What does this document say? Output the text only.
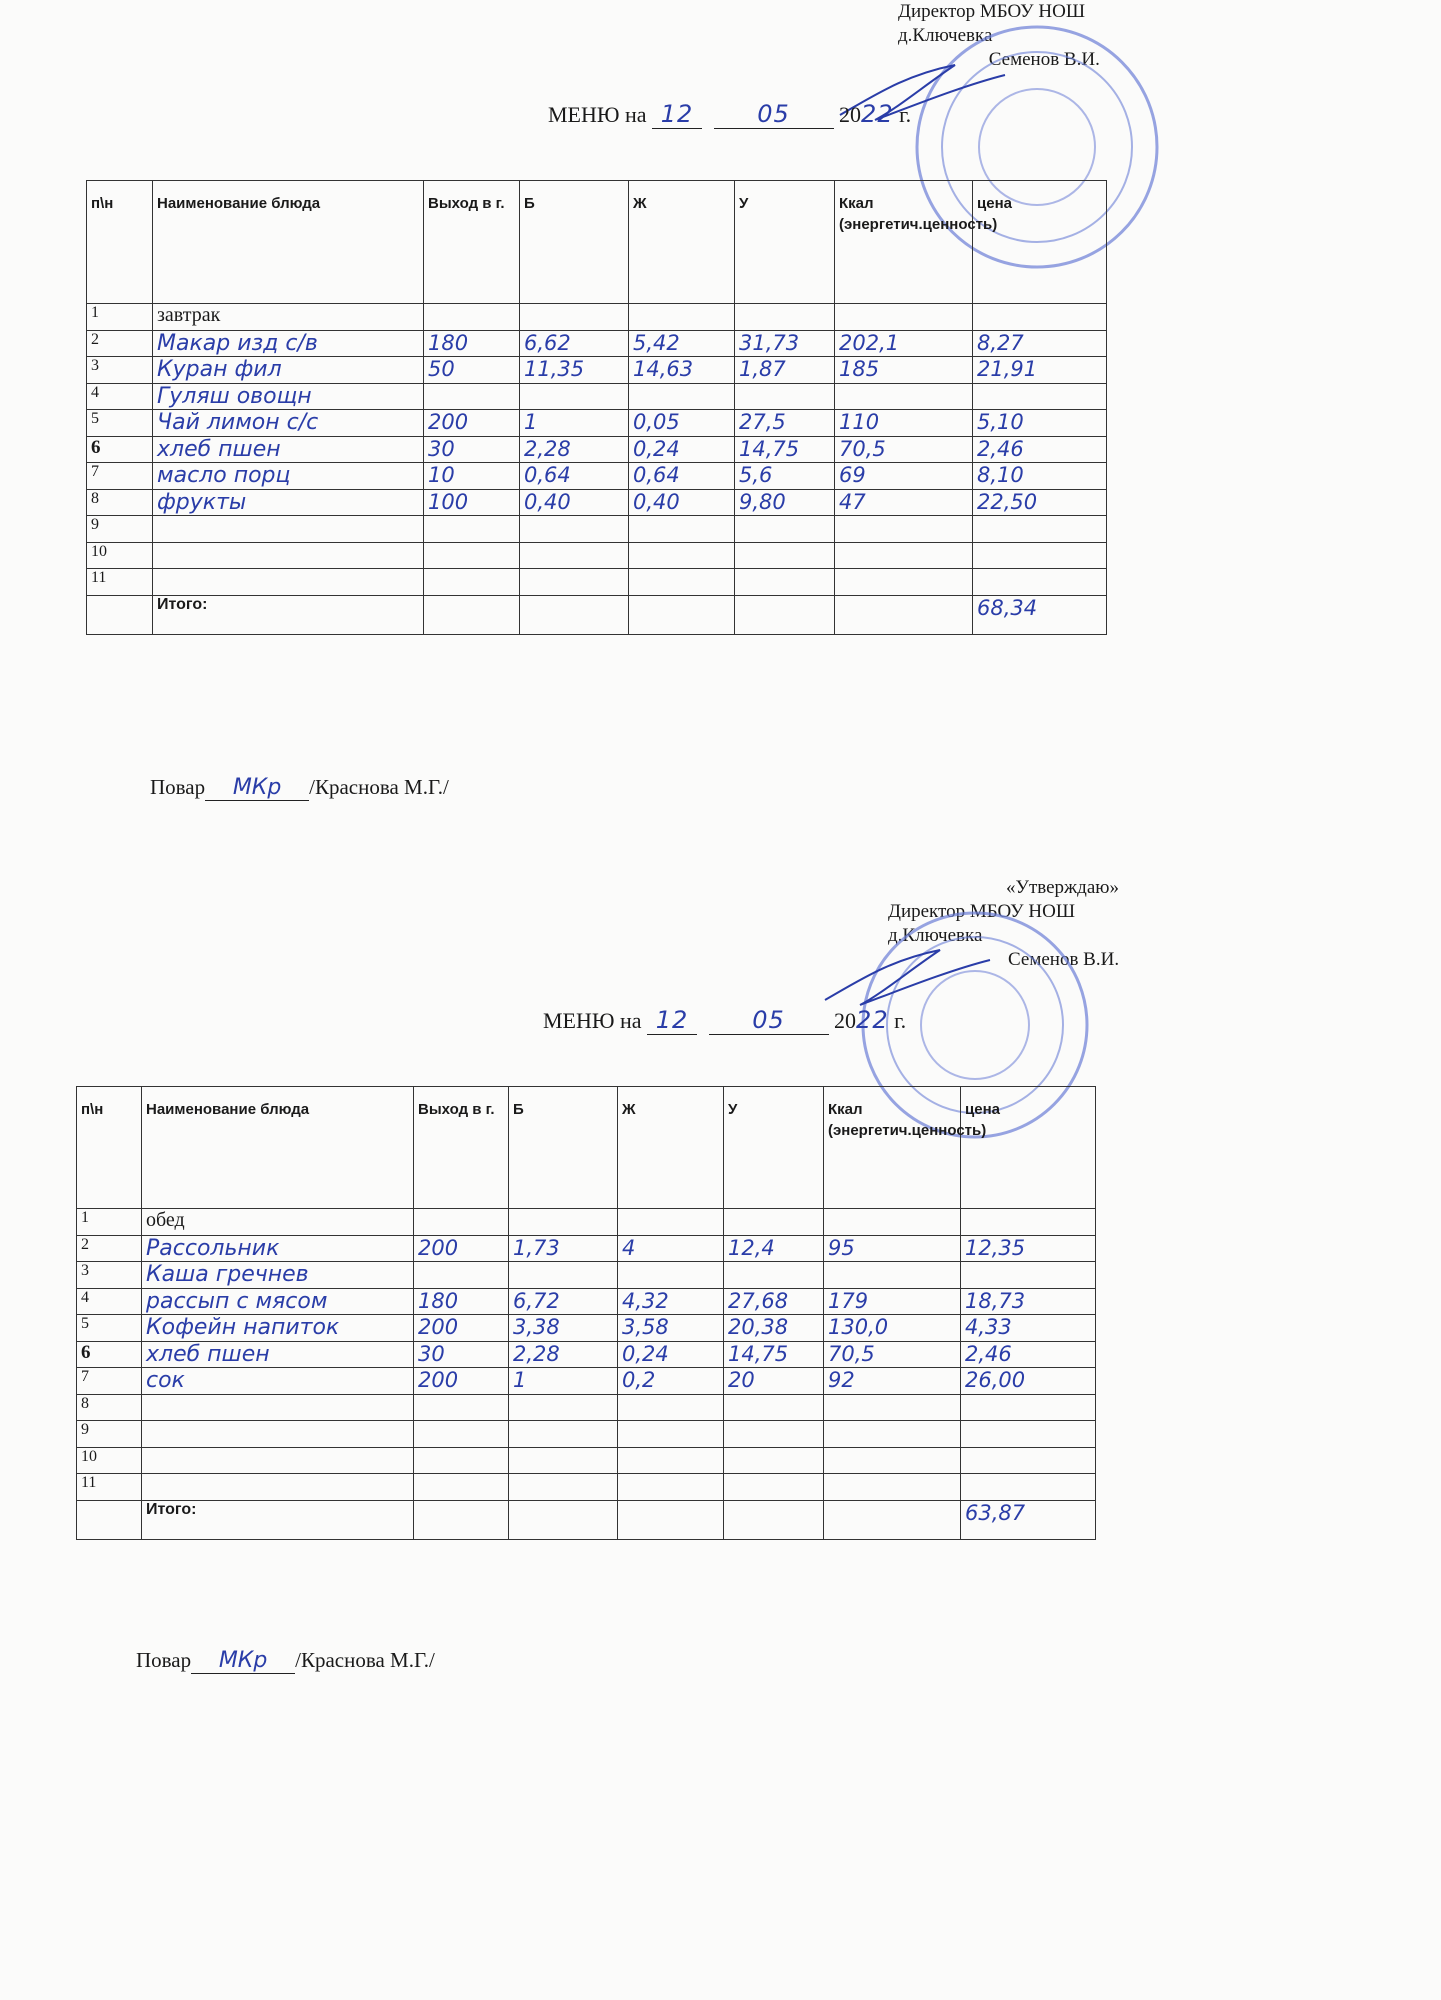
Директор МБОУ НОШ
д.Ключевка
Семенов В.И.
МЕНЮ на 12	05 2022 г.
п\н	Наименование блюда	Выход в г.	Б	Ж	У	Ккал (энергетич.ценность)	цена
1	завтрак						
2	Макар изд с/в	180	6,62	5,42	31,73	202,1	8,27
3	Куран фил	50	11,35	14,63	1,87	185	21,91
4	Гуляш овощн						
5	Чай лимон с/с	200	1	0,05	27,5	110	5,10
6	хлеб пшен	30	2,28	0,24	14,75	70,5	2,46
7	масло порц	10	0,64	0,64	5,6	69	8,10
8	фрукты	100	0,40	0,40	9,80	47	22,50
9							
10							
11							
	Итого:						68,34
Повар МКр /Краснова М.Г./
«Утверждаю»
Директор МБОУ НОШ
д.Ключевка
Семенов В.И.
МЕНЮ на 12	05 2022 г.
п\н	Наименование блюда	Выход в г.	Б	Ж	У	Ккал (энергетич.ценность)	цена
1	обед						
2	Рассольник	200	1,73	4	12,4	95	12,35
3	Каша гречнев						
4	рассып с мясом	180	6,72	4,32	27,68	179	18,73
5	Кофейн напиток	200	3,38	3,58	20,38	130,0	4,33
6	хлеб пшен	30	2,28	0,24	14,75	70,5	2,46
7	сок	200	1	0,2	20	92	26,00
8							
9							
10							
11							
	Итого:						63,87
Повар МКр /Краснова М.Г./
